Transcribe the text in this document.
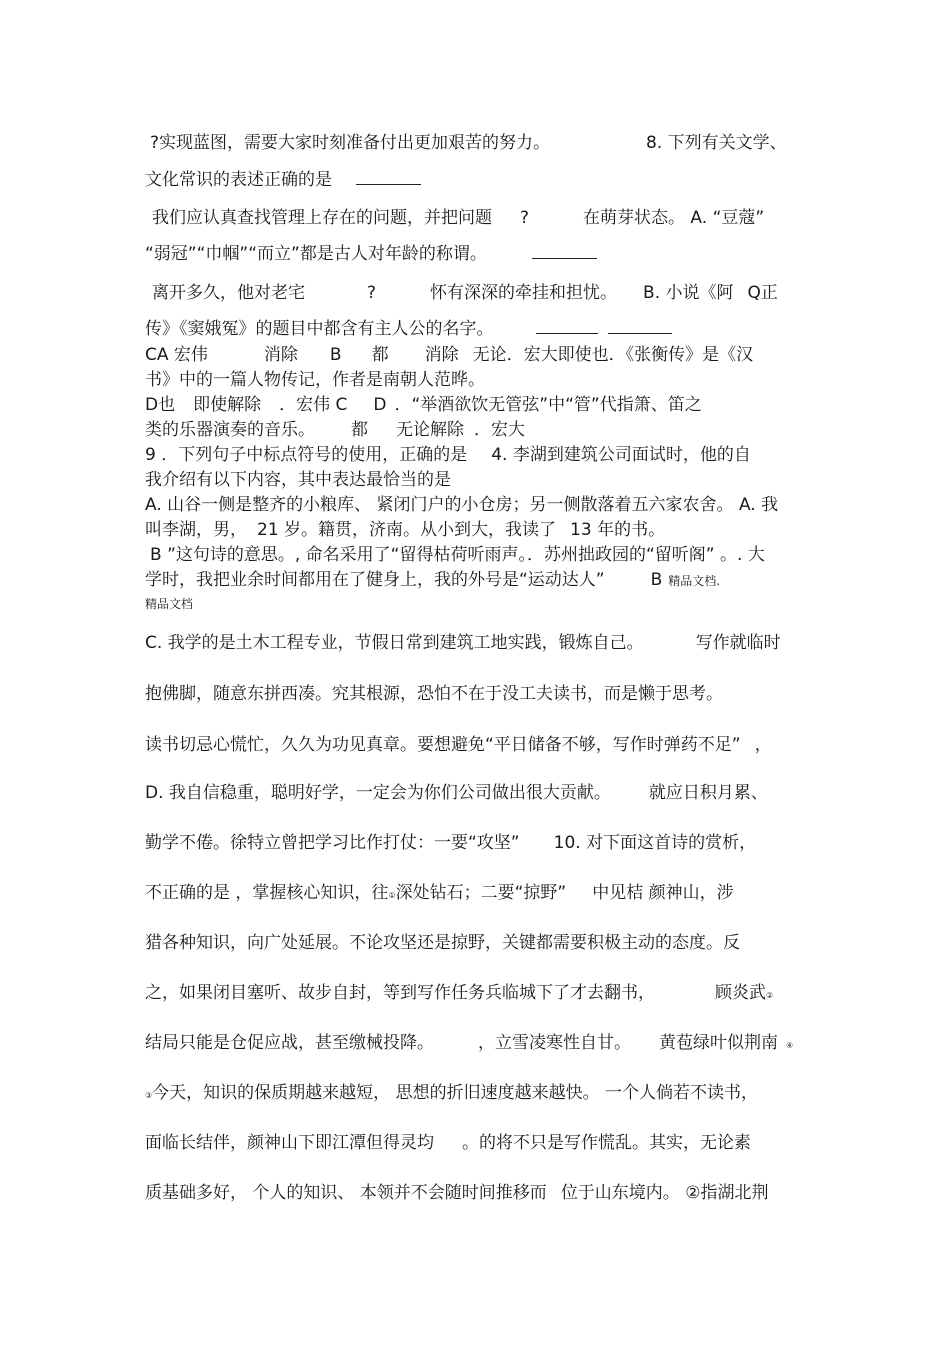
?实现蓝图，需要大家时刻准备付出更加艰苦的努力。	8. 下列有关文学、
文化常识的表述正确的是
我们应认真查找管理上存在的问题，并把问题 ?	在萌芽状态。 A. “豆蔻”
“弱冠”“巾帼”“而立”都是古人对年龄的称谓。
离开多久，他对老宅	?	怀有深深的牵挂和担忧。 B. 小说《阿 Q正
传》《窦娥冤》的题目中都含有主人公的名字。
CA 宏伟	消除 B 都 消除 无论．宏大即使也．《张衡传》是《汉
书》中的一篇人物传记，作者是南朝人范晔。
D也 即使解除 ．宏伟 C D ．“举酒欲饮无管弦”中“管”代指箫、笛之
类的乐器演奏的音乐。 都 无论解除 ．宏大
9 ．下列句子中标点符号的使用，正确的是 4. 李湖到建筑公司面试时，他的自
我介绍有以下内容，其中表达最恰当的是
A. 山谷一侧是整齐的小粮库、 紧闭门户的小仓房；另一侧散落着五六家农舍。 A. 我
叫李湖，男， 21 岁。籍贯，济南。从小到大，我读了 13 年的书。
B ”这句诗的意思。, 命名采用了“留得枯荷听雨声。．苏州拙政园的“留听阁” 。. 大
学时，我把业余时间都用在了健身上，我的外号是“运动达人”	B 精品文档.
精品文档
C. 我学的是土木工程专业，节假日常到建筑工地实践，锻炼自己。	写作就临时
抱佛脚，随意东拼西凑。究其根源，恐怕不在于没工夫读书，而是懒于思考。
读书切忌心慌忙，久久为功见真章。要想避免“平日储备不够，写作时弹药不足” ，
D. 我自信稳重，聪明好学，一定会为你们公司做出很大贡献。 就应日积月累、
勤学不倦。徐特立曾把学习比作打仗：一要“攻坚” 10. 对下面这首诗的赏析，
不正确的是 ，掌握核心知识，往①深处钻石；二要“掠野” 中见桔 颜神山，涉
猎各种知识，向广处延展。不论攻坚还是掠野，关键都需要积极主动的态度。反
之，如果闭目塞听、故步自封，等到写作任务兵临城下了才去翻书，	顾炎武②
结局只能是仓促应战，甚至缴械投降。	，立雪凌寒性自甘。 黄苞绿叶似荆南 ④
③今天，知识的保质期越来越短， 思想的折旧速度越来越快。 一个人倘若不读书，
面临长结伴，颜神山下即江潭但得灵均 。的将不只是写作慌乱。其实，无论素
质基础多好， 个人的知识、 本领并不会随时间推移而 位于山东境内。 ②指湖北荆
